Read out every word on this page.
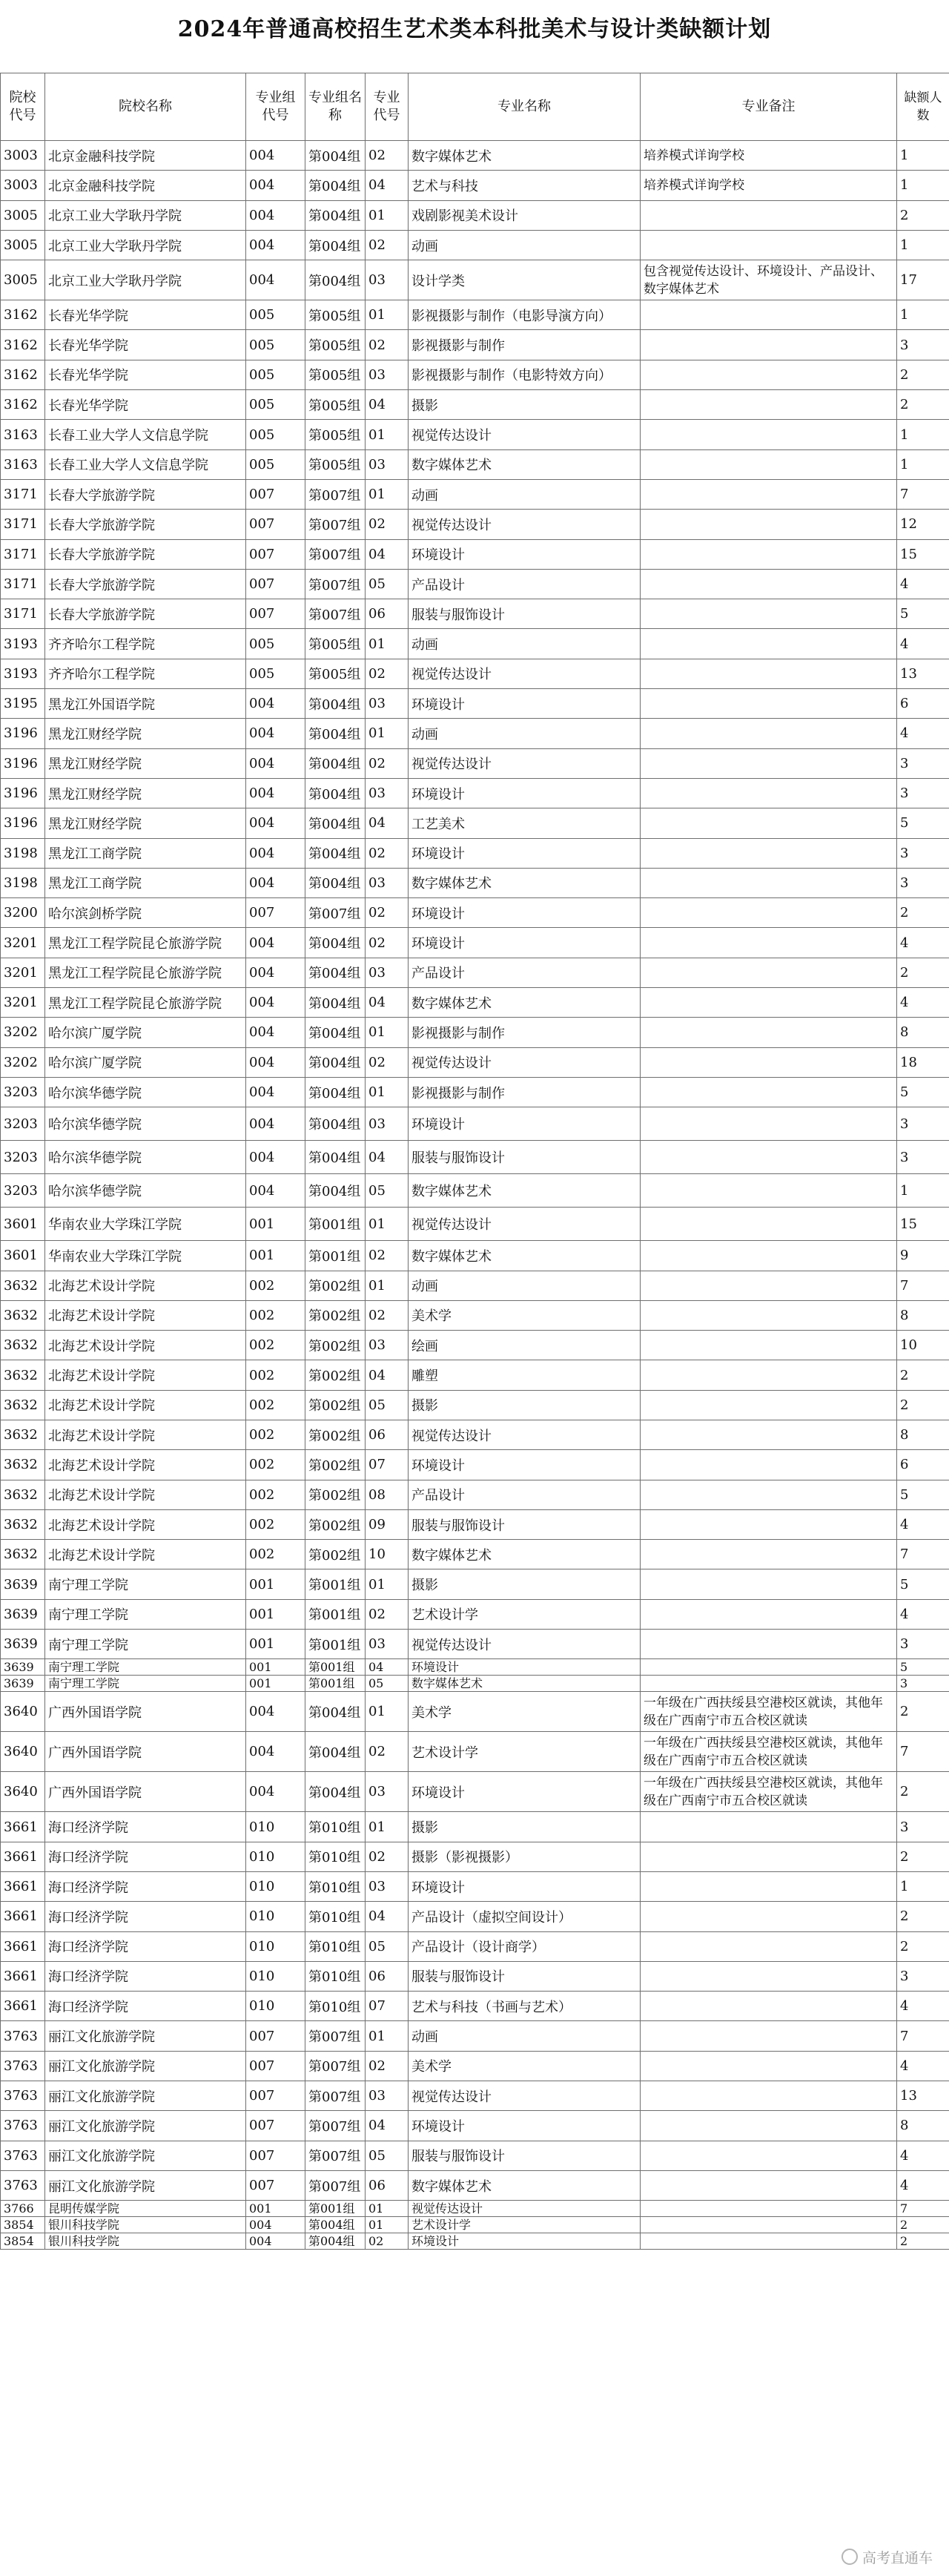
2024年普通高校招生艺术类本科批美术与设计类缺额计划
院校代号	院校名称	专业组代号	专业组名称	专业代号	专业名称	专业备注	缺额人数
3003	北京金融科技学院	004	第004组	02	数字媒体艺术	培养模式详询学校	1
3003	北京金融科技学院	004	第004组	04	艺术与科技	培养模式详询学校	1
3005	北京工业大学耿丹学院	004	第004组	01	戏剧影视美术设计		2
3005	北京工业大学耿丹学院	004	第004组	02	动画		1
3005	北京工业大学耿丹学院	004	第004组	03	设计学类	包含视觉传达设计、环境设计、产品设计、数字媒体艺术	17
3162	长春光华学院	005	第005组	01	影视摄影与制作（电影导演方向）		1
3162	长春光华学院	005	第005组	02	影视摄影与制作		3
3162	长春光华学院	005	第005组	03	影视摄影与制作（电影特效方向）		2
3162	长春光华学院	005	第005组	04	摄影		2
3163	长春工业大学人文信息学院	005	第005组	01	视觉传达设计		1
3163	长春工业大学人文信息学院	005	第005组	03	数字媒体艺术		1
3171	长春大学旅游学院	007	第007组	01	动画		7
3171	长春大学旅游学院	007	第007组	02	视觉传达设计		12
3171	长春大学旅游学院	007	第007组	04	环境设计		15
3171	长春大学旅游学院	007	第007组	05	产品设计		4
3171	长春大学旅游学院	007	第007组	06	服装与服饰设计		5
3193	齐齐哈尔工程学院	005	第005组	01	动画		4
3193	齐齐哈尔工程学院	005	第005组	02	视觉传达设计		13
3195	黑龙江外国语学院	004	第004组	03	环境设计		6
3196	黑龙江财经学院	004	第004组	01	动画		4
3196	黑龙江财经学院	004	第004组	02	视觉传达设计		3
3196	黑龙江财经学院	004	第004组	03	环境设计		3
3196	黑龙江财经学院	004	第004组	04	工艺美术		5
3198	黑龙江工商学院	004	第004组	02	环境设计		3
3198	黑龙江工商学院	004	第004组	03	数字媒体艺术		3
3200	哈尔滨剑桥学院	007	第007组	02	环境设计		2
3201	黑龙江工程学院昆仑旅游学院	004	第004组	02	环境设计		4
3201	黑龙江工程学院昆仑旅游学院	004	第004组	03	产品设计		2
3201	黑龙江工程学院昆仑旅游学院	004	第004组	04	数字媒体艺术		4
3202	哈尔滨广厦学院	004	第004组	01	影视摄影与制作		8
3202	哈尔滨广厦学院	004	第004组	02	视觉传达设计		18
3203	哈尔滨华德学院	004	第004组	01	影视摄影与制作		5
3203	哈尔滨华德学院	004	第004组	03	环境设计		3
3203	哈尔滨华德学院	004	第004组	04	服装与服饰设计		3
3203	哈尔滨华德学院	004	第004组	05	数字媒体艺术		1
3601	华南农业大学珠江学院	001	第001组	01	视觉传达设计		15
3601	华南农业大学珠江学院	001	第001组	02	数字媒体艺术		9
3632	北海艺术设计学院	002	第002组	01	动画		7
3632	北海艺术设计学院	002	第002组	02	美术学		8
3632	北海艺术设计学院	002	第002组	03	绘画		10
3632	北海艺术设计学院	002	第002组	04	雕塑		2
3632	北海艺术设计学院	002	第002组	05	摄影		2
3632	北海艺术设计学院	002	第002组	06	视觉传达设计		8
3632	北海艺术设计学院	002	第002组	07	环境设计		6
3632	北海艺术设计学院	002	第002组	08	产品设计		5
3632	北海艺术设计学院	002	第002组	09	服装与服饰设计		4
3632	北海艺术设计学院	002	第002组	10	数字媒体艺术		7
3639	南宁理工学院	001	第001组	01	摄影		5
3639	南宁理工学院	001	第001组	02	艺术设计学		4
3639	南宁理工学院	001	第001组	03	视觉传达设计		3
3639	南宁理工学院	001	第001组	04	环境设计		5
3639	南宁理工学院	001	第001组	05	数字媒体艺术		3
3640	广西外国语学院	004	第004组	01	美术学	一年级在广西扶绥县空港校区就读，其他年级在广西南宁市五合校区就读	2
3640	广西外国语学院	004	第004组	02	艺术设计学	一年级在广西扶绥县空港校区就读，其他年级在广西南宁市五合校区就读	7
3640	广西外国语学院	004	第004组	03	环境设计	一年级在广西扶绥县空港校区就读，其他年级在广西南宁市五合校区就读	2
3661	海口经济学院	010	第010组	01	摄影		3
3661	海口经济学院	010	第010组	02	摄影（影视摄影）		2
3661	海口经济学院	010	第010组	03	环境设计		1
3661	海口经济学院	010	第010组	04	产品设计（虚拟空间设计）		2
3661	海口经济学院	010	第010组	05	产品设计（设计商学）		2
3661	海口经济学院	010	第010组	06	服装与服饰设计		3
3661	海口经济学院	010	第010组	07	艺术与科技（书画与艺术）		4
3763	丽江文化旅游学院	007	第007组	01	动画		7
3763	丽江文化旅游学院	007	第007组	02	美术学		4
3763	丽江文化旅游学院	007	第007组	03	视觉传达设计		13
3763	丽江文化旅游学院	007	第007组	04	环境设计		8
3763	丽江文化旅游学院	007	第007组	05	服装与服饰设计		4
3763	丽江文化旅游学院	007	第007组	06	数字媒体艺术		4
3766	昆明传媒学院	001	第001组	01	视觉传达设计		7
3854	银川科技学院	004	第004组	01	艺术设计学		2
3854	银川科技学院	004	第004组	02	环境设计		2
高考直通车
